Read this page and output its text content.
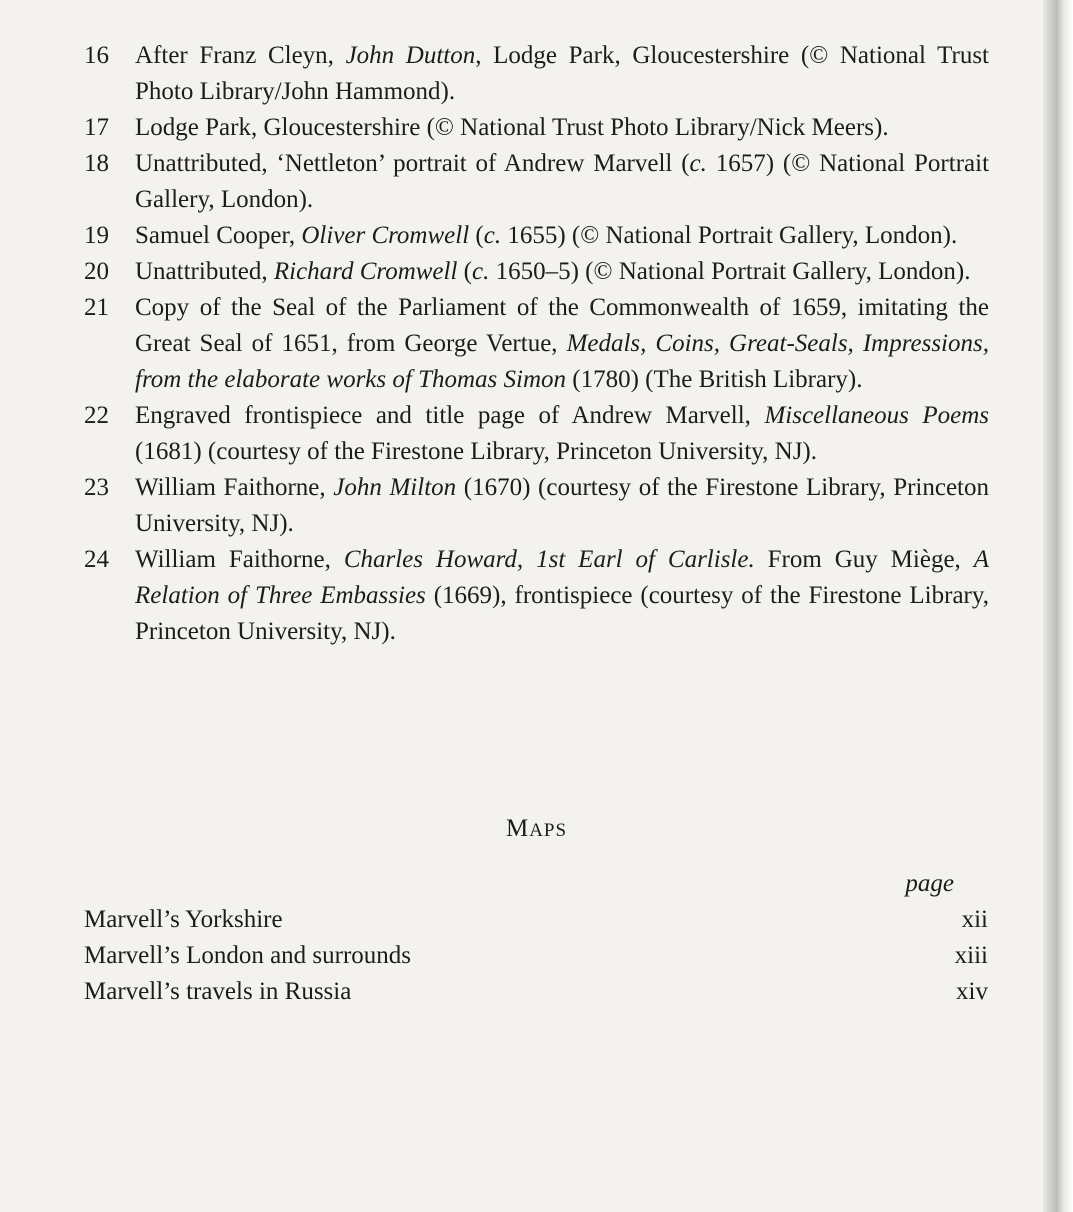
16	After Franz Cleyn, John Dutton, Lodge Park, Gloucestershire (© National Trust Photo Library/John Hammond).
17	Lodge Park, Gloucestershire (© National Trust Photo Library/Nick Meers).
18	Unattributed, ‘Nettleton’ portrait of Andrew Marvell (c. 1657) (© National Portrait Gallery, London).
19	Samuel Cooper, Oliver Cromwell (c. 1655) (© National Portrait Gallery, London).
20	Unattributed, Richard Cromwell (c. 1650–5) (© National Portrait Gallery, London).
21	Copy of the Seal of the Parliament of the Commonwealth of 1659, imitating the Great Seal of 1651, from George Vertue, Medals, Coins, Great-Seals, Impressions, from the elaborate works of Thomas Simon (1780) (The British Library).
22	Engraved frontispiece and title page of Andrew Marvell, Miscellaneous Poems (1681) (courtesy of the Firestone Library, Princeton University, NJ).
23	William Faithorne, John Milton (1670) (courtesy of the Firestone Library, Princeton University, NJ).
24	William Faithorne, Charles Howard, 1st Earl of Carlisle. From Guy Miège, A Relation of Three Embassies (1669), frontispiece (courtesy of the Firestone Library, Princeton University, NJ).
MAPS
page
Marvell’s Yorkshire	xii
Marvell’s London and surrounds	xiii
Marvell’s travels in Russia	xiv
